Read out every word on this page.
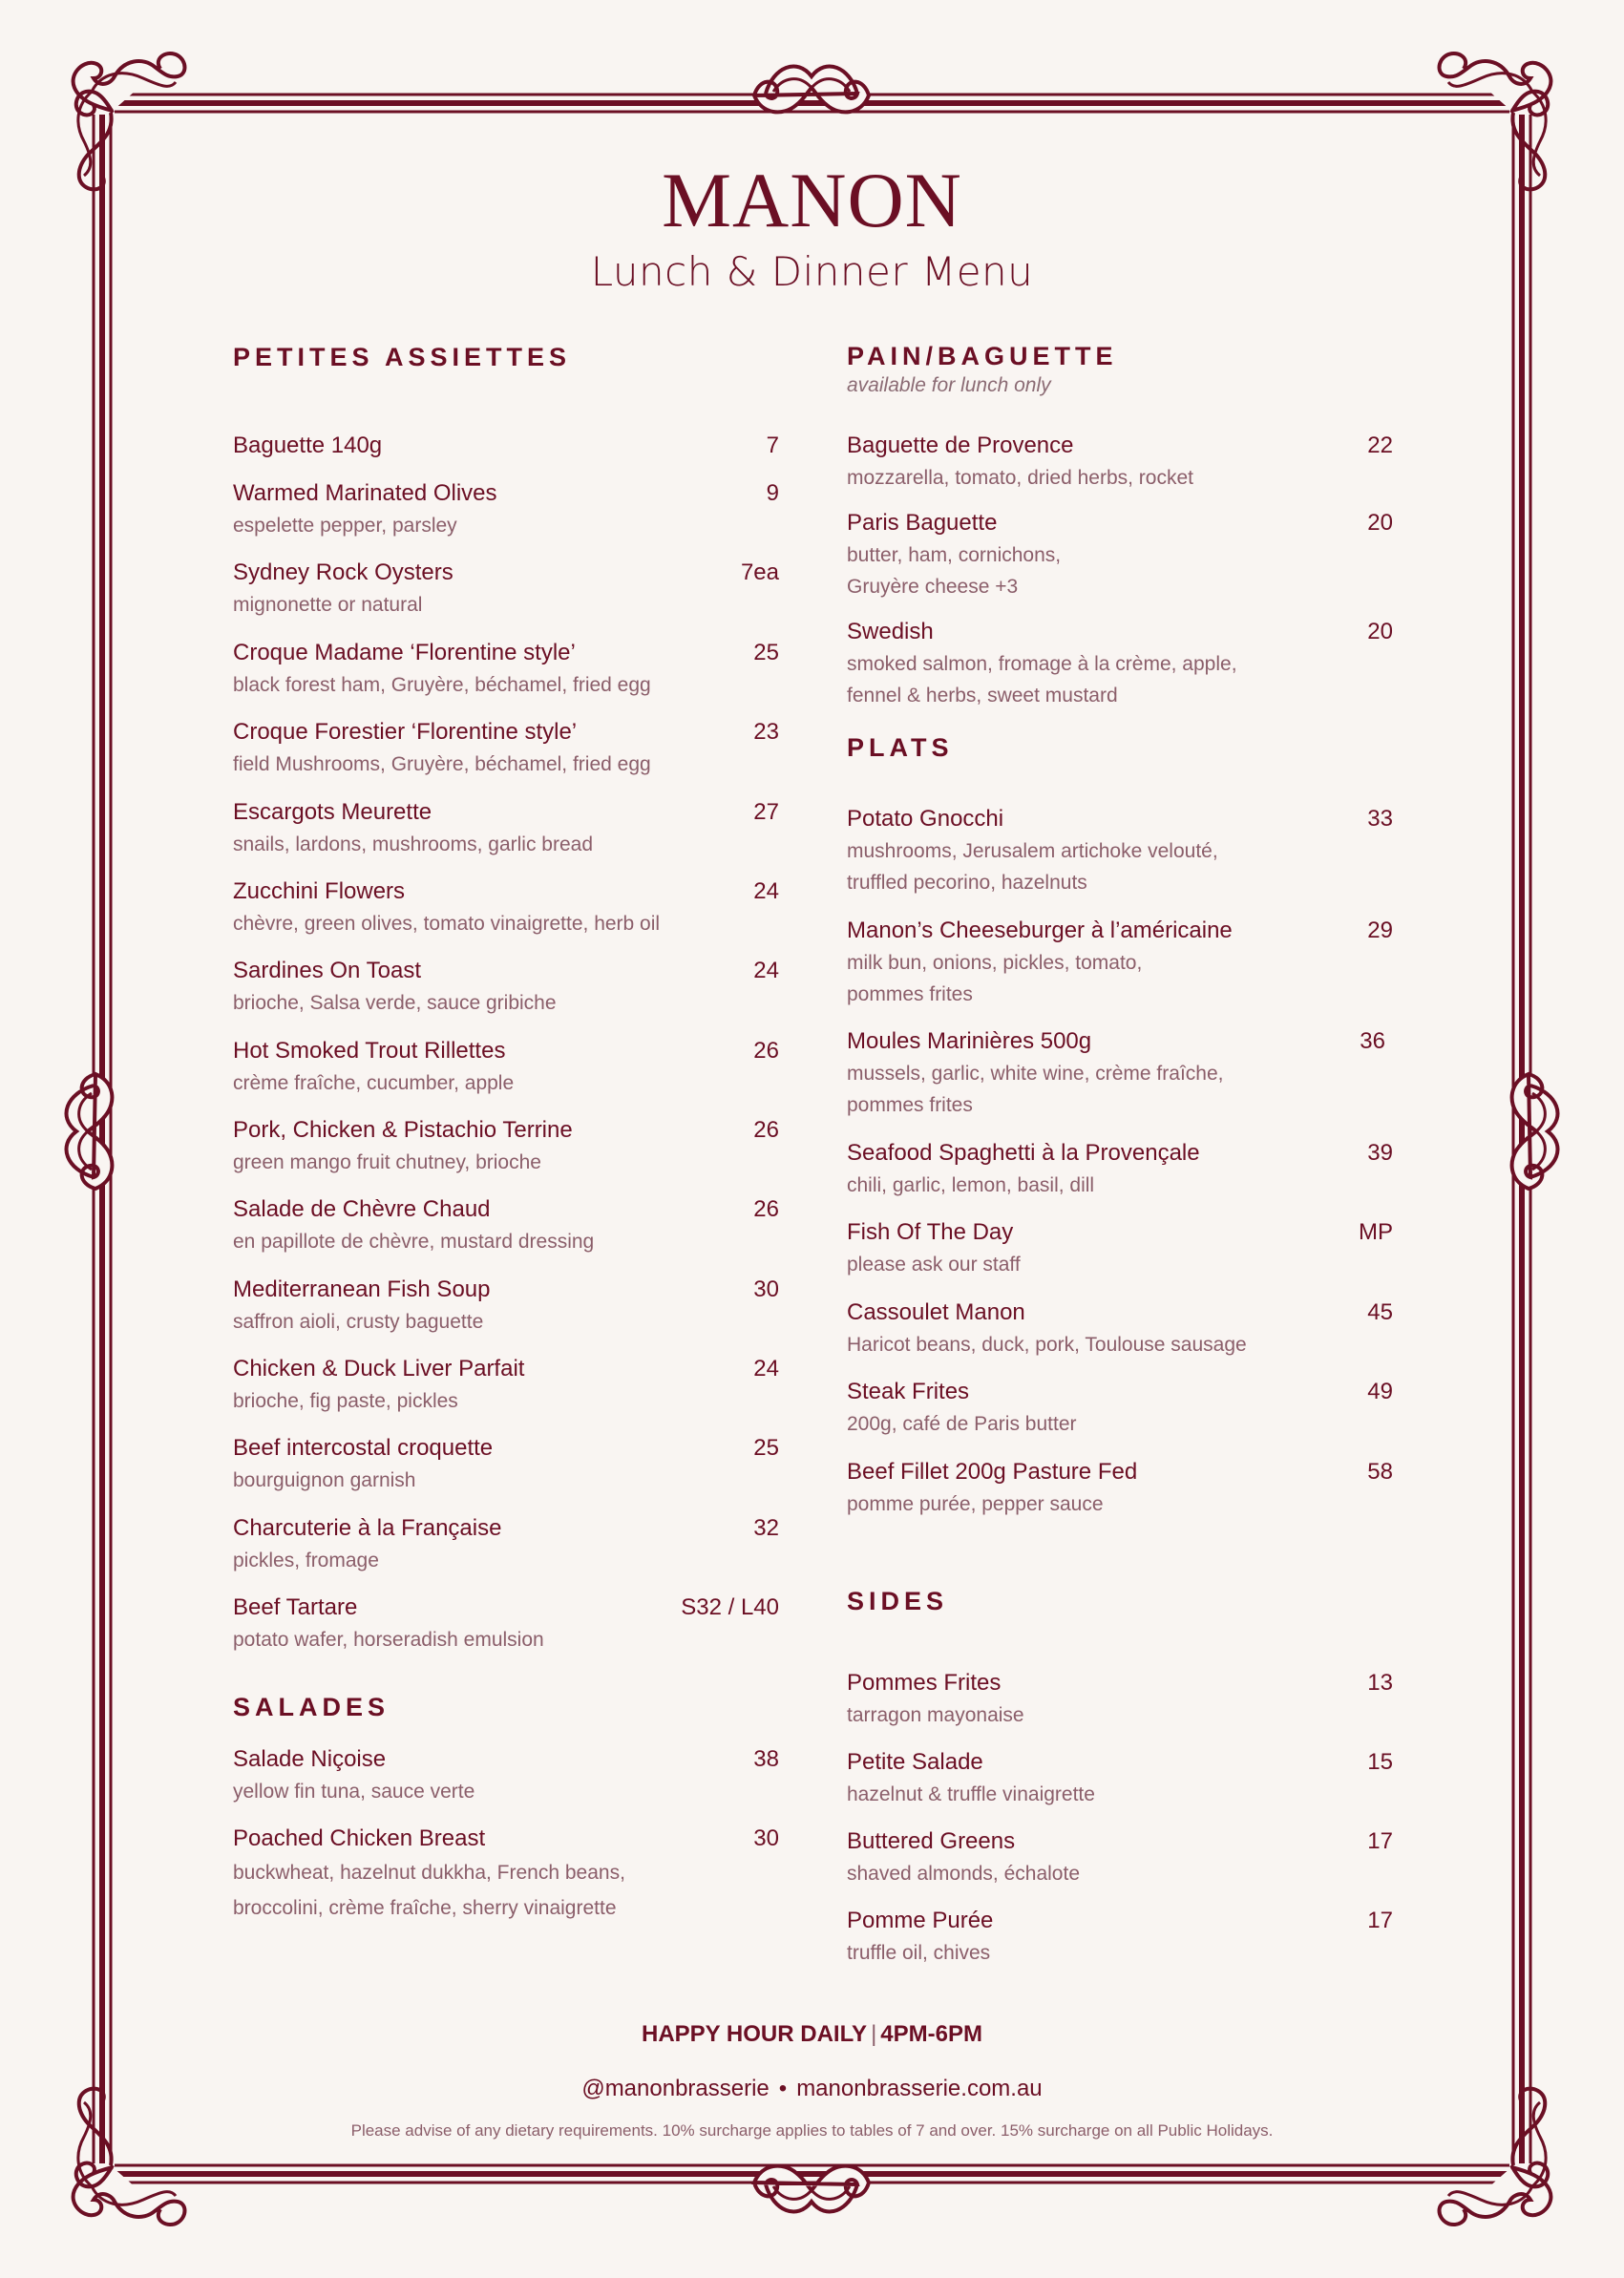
MANON
Lunch & Dinner Menu
PETITES ASSIETTES
Baguette 140g	7
Warmed Marinated Olives	9
espelette pepper, parsley
Sydney Rock Oysters	7ea
mignonette or natural
Croque Madame ‘Florentine style’	25
black forest ham, Gruyère, béchamel, fried egg
Croque Forestier ‘Florentine style’	23
field Mushrooms, Gruyère, béchamel, fried egg
Escargots Meurette	27
snails, lardons, mushrooms, garlic bread
Zucchini Flowers	24
chèvre, green olives, tomato vinaigrette, herb oil
Sardines On Toast	24
brioche, Salsa verde, sauce gribiche
Hot Smoked Trout Rillettes	26
crème fraîche, cucumber, apple
Pork, Chicken & Pistachio Terrine	26
green mango fruit chutney, brioche
Salade de Chèvre Chaud	26
en papillote de chèvre, mustard dressing
Mediterranean Fish Soup	30
saffron aioli, crusty baguette
Chicken & Duck Liver Parfait	24
brioche, fig paste, pickles
Beef intercostal croquette	25
bourguignon garnish
Charcuterie à la Française	32
pickles, fromage
Beef Tartare	S32 / L40
potato wafer, horseradish emulsion
SALADES
Salade Niçoise	38
yellow fin tuna, sauce verte
Poached Chicken Breast	30
buckwheat, hazelnut dukkha, French beans,
broccolini, crème fraîche, sherry vinaigrette
PAIN/BAGUETTE
available for lunch only
Baguette de Provence	22
mozzarella, tomato, dried herbs, rocket
Paris Baguette	20
butter, ham, cornichons,
Gruyère cheese +3
Swedish	20
smoked salmon, fromage à la crème, apple,
fennel & herbs, sweet mustard
PLATS
Potato Gnocchi	33
mushrooms, Jerusalem artichoke velouté,
truffled pecorino, hazelnuts
Manon’s Cheeseburger à l’américaine	29
milk bun, onions, pickles, tomato,
pommes frites
Moules Marinières 500g	36
mussels, garlic, white wine, crème fraîche,
pommes frites
Seafood Spaghetti à la Provençale	39
chili, garlic, lemon, basil, dill
Fish Of The Day	MP
please ask our staff
Cassoulet Manon	45
Haricot beans, duck, pork, Toulouse sausage
Steak Frites	49
200g, café de Paris butter
Beef Fillet 200g Pasture Fed	58
pomme purée, pepper sauce
SIDES
Pommes Frites	13
tarragon mayonaise
Petite Salade	15
hazelnut & truffle vinaigrette
Buttered Greens	17
shaved almonds, échalote
Pomme Purée	17
truffle oil, chives
HAPPY HOUR DAILY | 4PM-6PM
@manonbrasserie • manonbrasserie.com.au
Please advise of any dietary requirements. 10% surcharge applies to tables of 7 and over. 15% surcharge on all Public Holidays.
